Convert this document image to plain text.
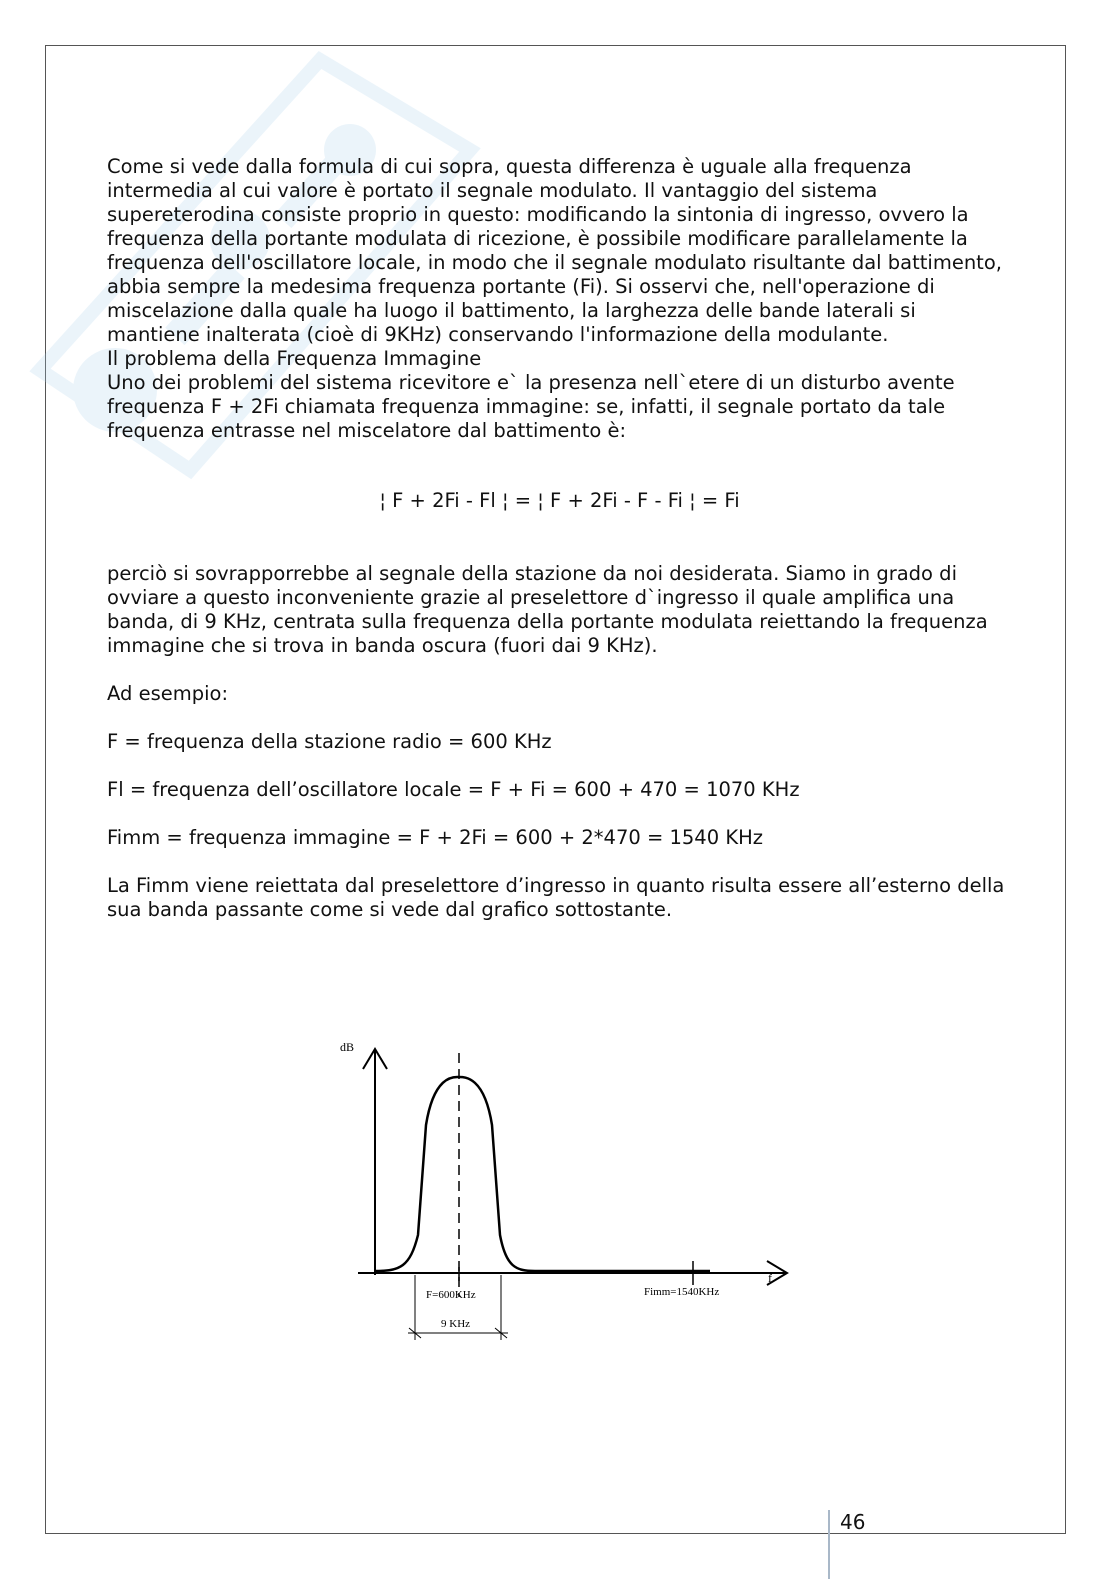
Come si vede dalla formula di cui sopra, questa differenza è uguale alla frequenza intermedia al cui valore è portato il segnale modulato. Il vantaggio del sistema supereterodina consiste proprio in questo: modificando la sintonia di ingresso, ovvero la frequenza della portante modulata di ricezione, è possibile modificare parallelamente la frequenza dell'oscillatore locale, in modo che il segnale modulato risultante dal battimento, abbia sempre la medesima frequenza portante (Fi). Si osservi che, nell'operazione di miscelazione dalla quale ha luogo il battimento, la larghezza delle bande laterali si mantiene inalterata (cioè di 9KHz) conservando l'informazione della modulante.

Il problema della Frequenza Immagine

Uno dei problemi del sistema ricevitore e` la presenza nell`etere di un disturbo avente frequenza F + 2Fi chiamata frequenza immagine: se, infatti, il segnale portato da tale frequenza entrasse nel miscelatore dal battimento è:

¦ F + 2Fi - Fl ¦ = ¦ F + 2Fi - F - Fi ¦ = Fi

perciò si sovrapporrebbe al segnale della stazione da noi desiderata. Siamo in grado di ovviare a questo inconveniente grazie al preselettore d`ingresso il quale amplifica una banda, di 9 KHz, centrata sulla frequenza della portante modulata reiettando la frequenza immagine che si trova in banda oscura (fuori dai 9 KHz).

Ad esempio:
F = frequenza della stazione radio = 600 KHz
Fl = frequenza dell’oscillatore locale = F + Fi = 600 + 470 = 1070 KHz
Fimm = frequenza immagine = F + 2Fi = 600 + 2*470 = 1540 KHz

La Fimm viene reiettata dal preselettore d’ingresso in quanto risulta essere all’esterno della sua banda passante come si vede dal grafico sottostante.

dB
f
F=600KHz	Fimm=1540KHz
9 KHz
46
